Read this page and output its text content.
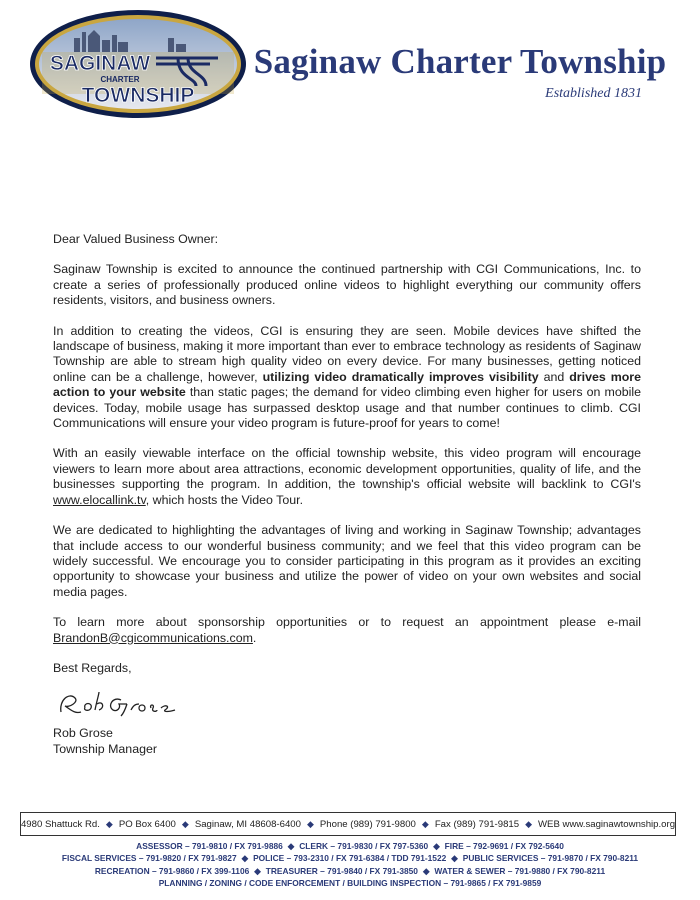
SAGINAW
CHARTER
TOWNSHIP
Saginaw Charter Township
Established 1831

Dear Valued Business Owner:

Saginaw Township is excited to announce the continued partnership with CGI Communications, Inc. to create a series of professionally produced online videos to highlight everything our community offers residents, visitors, and business owners.

In addition to creating the videos, CGI is ensuring they are seen. Mobile devices have shifted the landscape of business, making it more important than ever to embrace technology as residents of Saginaw Township are able to stream high quality video on every device. For many businesses, getting noticed online can be a challenge, however, utilizing video dramatically improves visibility and drives more action to your website than static pages; the demand for video climbing even higher for users on mobile devices. Today, mobile usage has surpassed desktop usage and that number continues to climb. CGI Communications will ensure your video program is future-proof for years to come!

With an easily viewable interface on the official township website, this video program will encourage viewers to learn more about area attractions, economic development opportunities, quality of life, and the businesses supporting the program. In addition, the township's official website will backlink to CGI's www.elocallink.tv, which hosts the Video Tour.

We are dedicated to highlighting the advantages of living and working in Saginaw Township; advantages that include access to our wonderful business community; and we feel that this video program can be widely successful. We encourage you to consider participating in this program as it provides an exciting opportunity to showcase your business and utilize the power of video on your own websites and social media pages.

To learn more about sponsorship opportunities or to request an appointment please e-mail BrandonB@cgicommunications.com.

Best Regards,

Rob Grose

Township Manager

4980 Shattuck Rd. ◆ PO Box 6400 ◆ Saginaw, MI 48608-6400 ◆ Phone (989) 791-9800 ◆ Fax (989) 791-9815 ◆ WEB www.saginawtownship.org
ASSESSOR – 791-9810 / FX 791-9886 ◆ CLERK – 791-9830 / FX 797-5360 ◆ FIRE – 792-9691 / FX 792-5640
FISCAL SERVICES – 791-9820 / FX 791-9827 ◆ POLICE – 793-2310 / FX 791-6384 / TDD 791-1522 ◆ PUBLIC SERVICES – 791-9870 / FX 790-8211
RECREATION – 791-9860 / FX 399-1106 ◆ TREASURER – 791-9840 / FX 791-3850 ◆ WATER & SEWER – 791-9880 / FX 790-8211
PLANNING / ZONING / CODE ENFORCEMENT / BUILDING INSPECTION – 791-9865 / FX 791-9859
